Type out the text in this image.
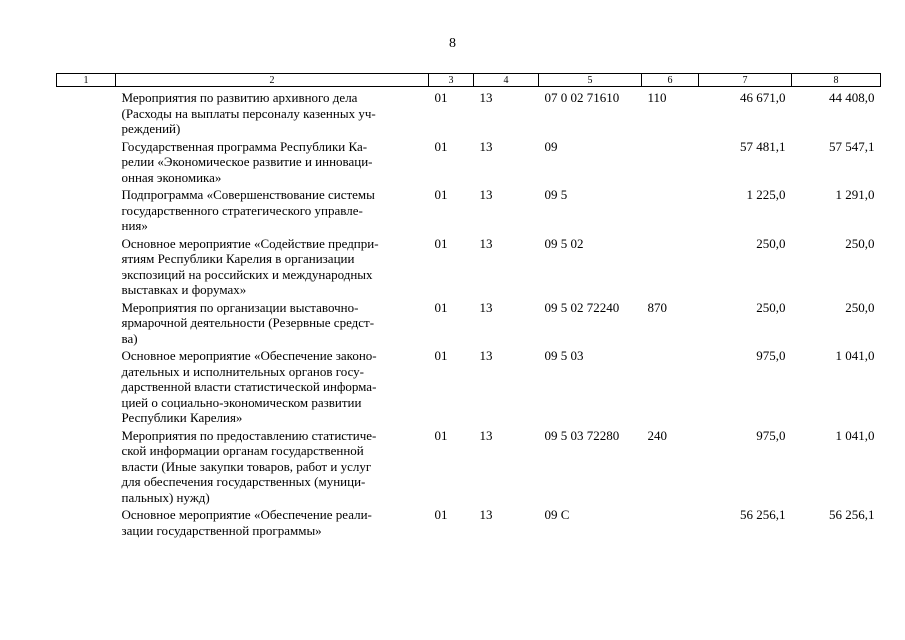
8
1	2	3	4	5	6	7	8

	Мероприятия по развитию архивного дела
(Расходы на выплаты персоналу казенных уч-
реждений)	01	13	07 0 02 71610	110	46 671,0	44 408,0

	Государственная программа Республики Ка-
релии «Экономическое развитие и инноваци-
онная экономика»	01	13	09		57 481,1	57 547,1

	Подпрограмма «Совершенствование системы
государственного стратегического управле-
ния»	01	13	09 5		1 225,0	1 291,0

	Основное мероприятие «Содействие предпри-
ятиям Республики Карелия в организации
экспозиций на российских и международных
выставках и форумах»	01	13	09 5 02		250,0	250,0

	Мероприятия по организации выставочно-
ярмарочной деятельности (Резервные средст-
ва)	01	13	09 5 02 72240	870	250,0	250,0

	Основное мероприятие «Обеспечение законо-
дательных и исполнительных органов госу-
дарственной власти статистической информа-
цией о социально-экономическом развитии
Республики Карелия»	01	13	09 5 03		975,0	1 041,0

	Мероприятия по предоставлению статистиче-
ской информации органам государственной
власти (Иные закупки товаров, работ и услуг
для обеспечения государственных (муници-
пальных) нужд)	01	13	09 5 03 72280	240	975,0	1 041,0

	Основное мероприятие «Обеспечение реали-
зации государственной программы»	01	13	09 С		56 256,1	56 256,1
